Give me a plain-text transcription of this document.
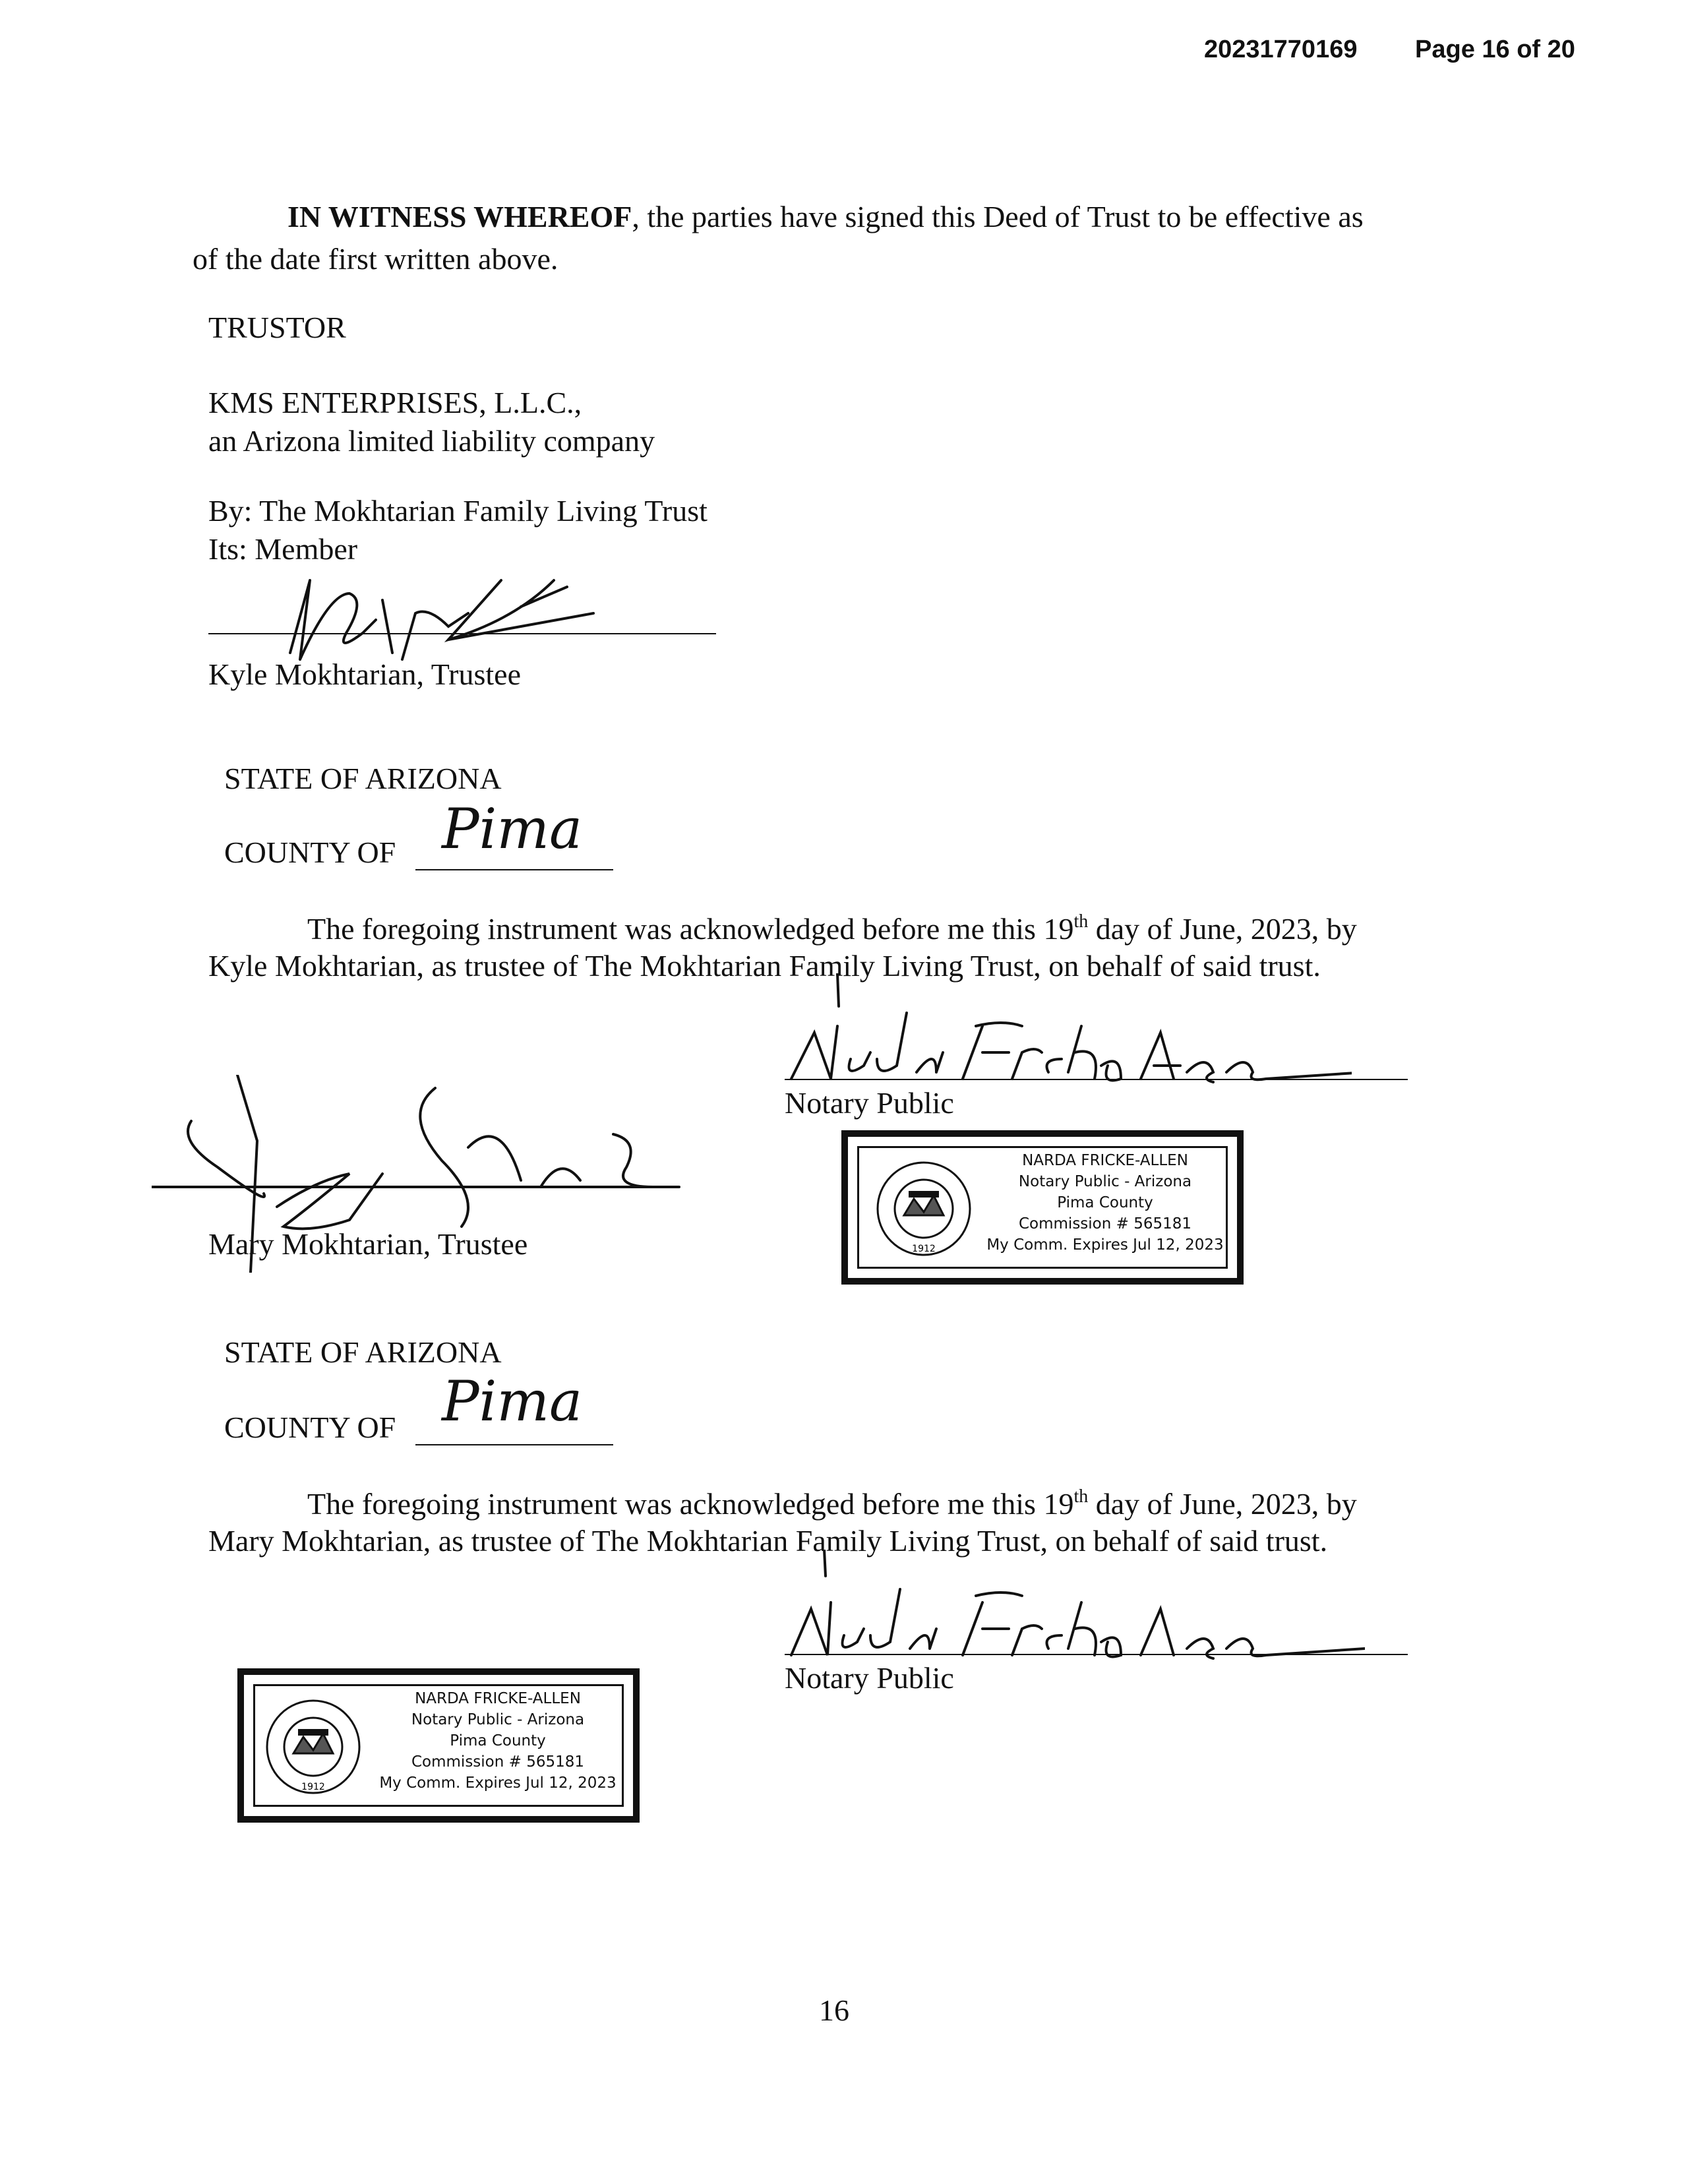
20231770169 Page 16 of 20
IN WITNESS WHEREOF, the parties have signed this Deed of Trust to be effective as
of the date first written above.
TRUSTOR
KMS ENTERPRISES, L.L.C.,
an Arizona limited liability company
By: The Mokhtarian Family Living Trust
Its: Member
Kyle Mokhtarian, Trustee
STATE OF ARIZONA
COUNTY OF Pima
The foregoing instrument was acknowledged before me this 19th day of June, 2023, by
Kyle Mokhtarian, as trustee of The Mokhtarian Family Living Trust, on behalf of said trust.
Notary Public
Mary Mokhtarian, Trustee	1912
NARDA FRICKE-ALLEN
Notary Public - Arizona
Pima County
Commission # 565181
My Comm. Expires Jul 12, 2023
STATE OF ARIZONA
COUNTY OF Pima
The foregoing instrument was acknowledged before me this 19th day of June, 2023, by
Mary Mokhtarian, as trustee of The Mokhtarian Family Living Trust, on behalf of said trust.
Notary Public
1912
NARDA FRICKE-ALLEN
Notary Public - Arizona
Pima County
Commission # 565181
My Comm. Expires Jul 12, 2023
16
